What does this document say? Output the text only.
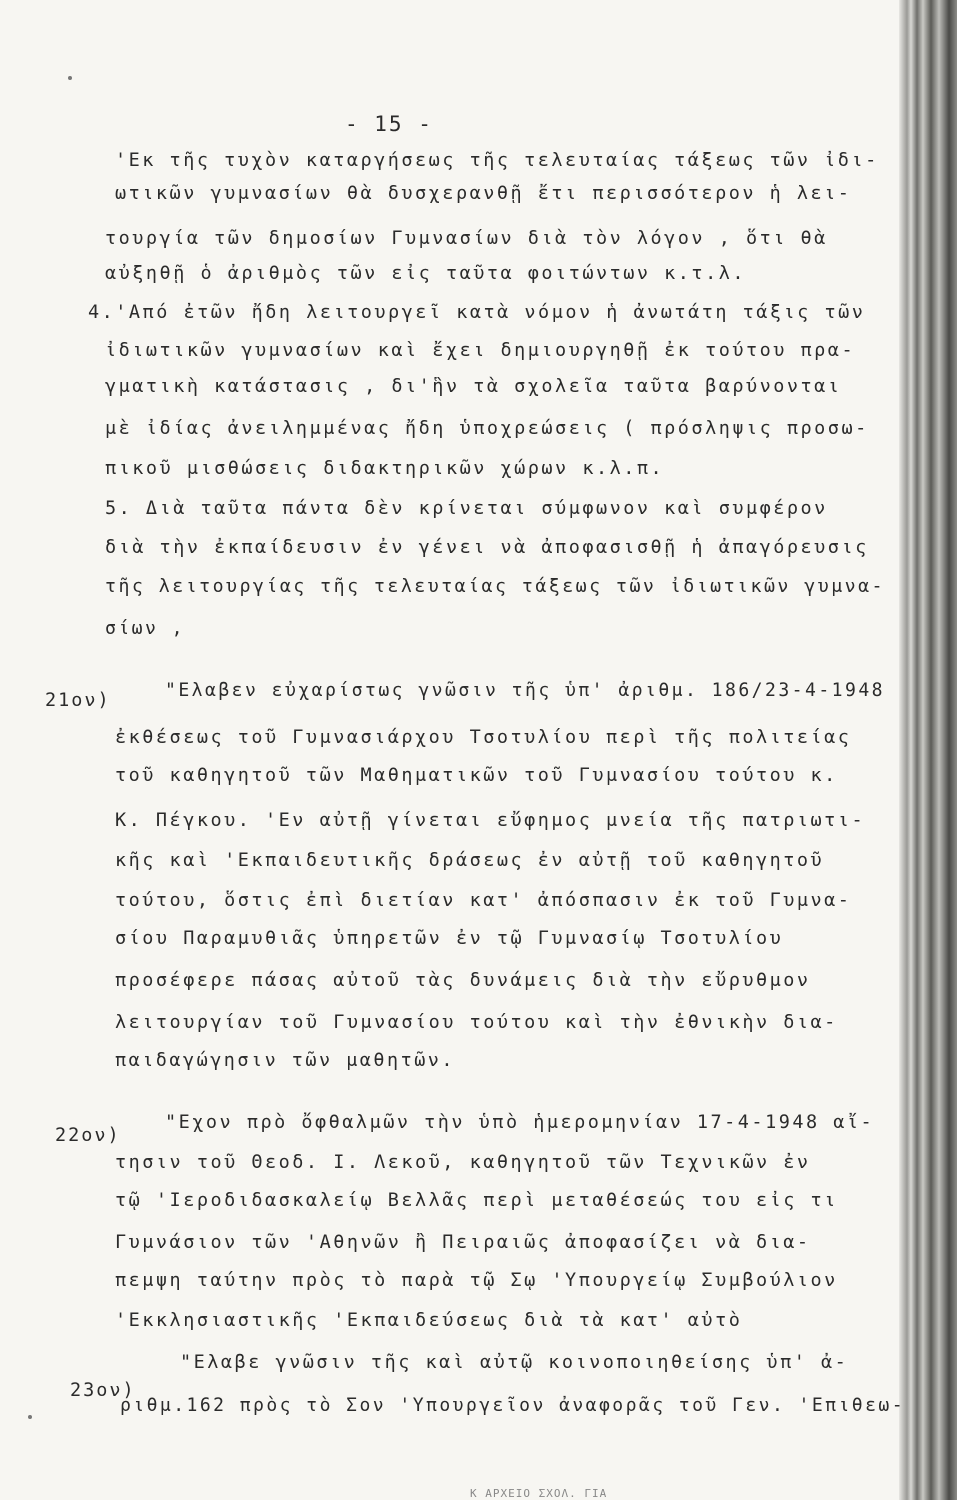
- 15 -
'Εκ τῆς τυχὸν καταργήσεως τῆς τελευταίας τάξεως τῶν ἰδι-
ωτικῶν γυμνασίων θὰ δυσχερανθῇ ἔτι περισσότερον ἡ λει-
τουργία τῶν δημοσίων Γυμνασίων διὰ τὸν λόγον , ὅτι θὰ
αὐξηθῇ ὁ ἀριθμὸς τῶν εἰς ταῦτα φοιτώντων κ.τ.λ.
4.'Από ἐτῶν ἤδη λειτουργεῖ κατὰ νόμον ἡ ἀνωτάτη τάξις τῶν
ἰδιωτικῶν γυμνασίων καὶ ἔχει δημιουργηθῇ ἐκ τούτου πρα-
γματικὴ κατάστασις , δι'ἣν τὰ σχολεῖα ταῦτα βαρύνονται
μὲ ἰδίας ἀνειλημμένας ἤδη ὑποχρεώσεις ( πρόσληψις προσω-
πικοῦ μισθώσεις διδακτηρικῶν χώρων κ.λ.π.
5. Διὰ ταῦτα πάντα δὲν κρίνεται σύμφωνον καὶ συμφέρον
διὰ τὴν ἐκπαίδευσιν ἐν γένει νὰ ἀποφασισθῇ ἡ ἀπαγόρευσις
τῆς λειτουργίας τῆς τελευταίας τάξεως τῶν ἰδιωτικῶν γυμνα-
σίων ,
21ον)	"Ελαβεν εὐχαρίστως γνῶσιν τῆς ὑπ' ἀριθμ. 186/23-4-1948
ἐκθέσεως τοῦ Γυμνασιάρχου Τσοτυλίου περὶ τῆς πολιτείας
τοῦ καθηγητοῦ τῶν Μαθηματικῶν τοῦ Γυμνασίου τούτου κ.
Κ. Πέγκου. 'Εν αὐτῇ γίνεται εὔφημος μνεία τῆς πατριωτι-
κῆς καὶ 'Εκπαιδευτικῆς δράσεως ἐν αὐτῇ τοῦ καθηγητοῦ
τούτου, ὅστις ἐπὶ διετίαν κατ' ἀπόσπασιν ἐκ τοῦ Γυμνα-
σίου Παραμυθιᾶς ὑπηρετῶν ἐν τῷ Γυμνασίῳ Τσοτυλίου
προσέφερε πάσας αὐτοῦ τὰς δυνάμεις διὰ τὴν εὔρυθμον
λειτουργίαν τοῦ Γυμνασίου τούτου καὶ τὴν ἐθνικὴν δια-
παιδαγώγησιν τῶν μαθητῶν.
22ον)
"Εχον πρὸ ὄφθαλμῶν τὴν ὑπὸ ἡμερομηνίαν 17-4-1948 αἴ-
τησιν τοῦ Θεοδ. Ι. Λεκοῦ, καθηγητοῦ τῶν Τεχνικῶν ἐν
τῷ 'Ιεροδιδασκαλείῳ Βελλᾶς περὶ μεταθέσεώς του εἰς τι
Γυμνάσιον τῶν 'Αθηνῶν ἢ Πειραιῶς ἀποφασίζει νὰ δια-
πεμψη ταύτην πρὸς τὸ παρὰ τῷ Σῳ 'Υπουργείῳ Συμβούλιον
'Εκκλησιαστικῆς 'Εκπαιδεύσεως διὰ τὰ κατ' αὐτὸ
23ον)
"Ελαβε γνῶσιν τῆς καὶ αὐτῷ κοινοποιηθείσης ὑπ' ἀ-
ριθμ.162 πρὸς τὸ Σον 'Υπουργεῖον ἀναφορᾶς τοῦ Γεν. 'Επιθεω-
Κ ΑΡΧΕΙΟ ΣΧΟΛ. ΓΙΑ
